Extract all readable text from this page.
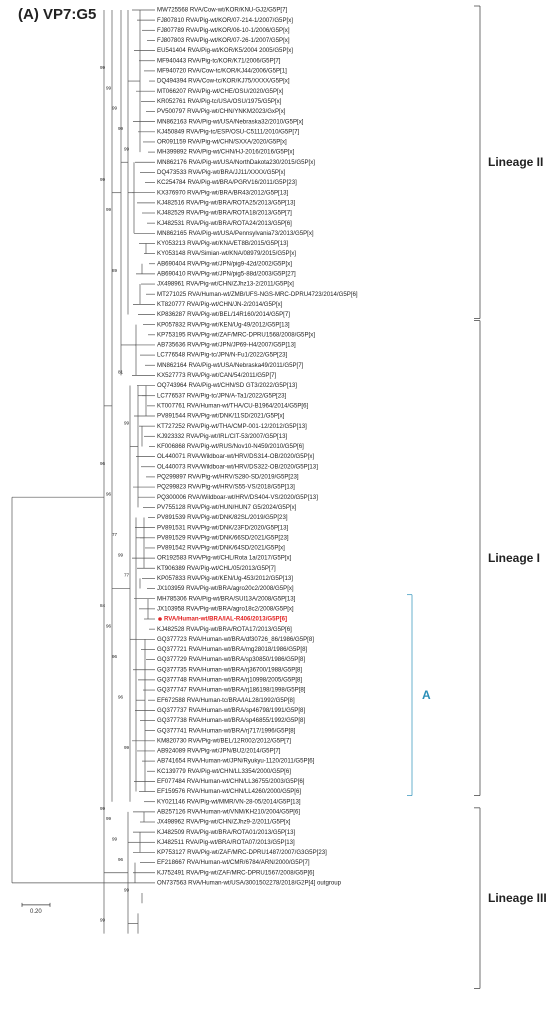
(A) VP7:G5	MW725568 RVA/Cow-wt/KOR/KNU-GJ2/G5P[7]
FJ807810 RVA/Pig-wt/KOR/07-214-1/2007/G5P[x]
FJ807789 RVA/Pig-wt/KOR/06-10-1/2006/G5P[x]
FJ807803 RVA/Pig-wt/KOR/07-26-1/2007/G5P[x]
EU541404 RVA/Pig-wt/KOR/K5/2004 2005/G5P[x]
MF940443 RVA/Pig-tc/KOR/K71/2006/G5P[7]
MF940720 RVA/Cow-tc/KOR/KJ44/2006/G5P[1]
DQ494394 RVA/Cow-tc/KOR/KJ75/XXXX/G5P[x]
MT066207 RVA/Pig-wt/CHE/OSU/2020/G5P[x]
KR052761 RVA/Pig-tc/USA/OSU/1975/G5P[x]
PV500797 RVA/Pig-wt/CHN/YNKM2023/GxP[x]
MN862163 RVA/Pig-wt/USA/Nebraska32/2010/G5P[x]
KJ450849 RVA/Pig-tc/ESP/OSU-C5111/2010/G5P[7]
OR091159 RVA/Pig-wt/CHN/SXXA/2020/G5P[x]
MH399892 RVA/Pig-wt/CHN/HJ-2016/2016/G5P[x]
MN862176 RVA/Pig-wt/USA/NorthDakota230/2015/G5P[x]
DQ473533 RVA/Pig-wt/BRA/JJ11/XXXX/G5P[x]
KC254784 RVA/Pig-wt/BRA/PGRV16/2011/G5P[23]
KX376970 RVA/Pig-wt/BRA/BR43/2012/G5P[13]
KJ482516 RVA/Pig-wt/BRA/ROTA25/2013/G5P[13]
KJ482529 RVA/Pig-wt/BRA/ROTA18/2013/G5P[7]
KJ482531 RVA/Pig-wt/BRA/ROTA24/2013/G5P[6]
MN862165 RVA/Pig-wt/USA/Pennsylvania73/2013/G5P[x]
KY053213 RVA/Pig-wt/KNA/ET8B/2015/G5P[13]
KY053148 RVA/Simian-wt/KNA/08979/2015/G5P[x]
AB690404 RVA/Pig-wt/JPN/pig9-42d/2002/G5P[x]
AB690410 RVA/Pig-wt/JPN/pig5-88d/2003/G5P[27]
JX498961 RVA/Pig-wt/CHN/ZJhz13-2/2011/G5P[x]
MT271025 RVA/Human-wt/ZMB/UFS-NGS-MRC-DPRU4723/2014/G5P[6]
KT820777 RVA/Pig-wt/CHN/JN-2/2014/G5P[x]
KP836287 RVA/Pig-wt/BEL/14R160/2014/G5P[7]
KP057832 RVA/Pig-wt/KEN/Ug-49/2012/G5P[13]
KP753195 RVA/Pig-wt/ZAF/MRC-DPRU1568/2008/G5P[x]
AB735636 RVA/Pig-wt/JPN/JP69-H4/2007/G5P[13]
LC776548 RVA/Pig-tc/JPN/N-Fu1/2022/G5P[23]
MN862164 RVA/Pig-wt/USA/Nebraska49/2011/G5P[7]
KX527773 RVA/Pig-wt/CAN/54/2011/G5P[7]
OQ743964 RVA/Pig-wt/CHN/SD GT3/2022/G5P[13]
LC776537 RVA/Pig-tc/JPN/A-Ta1/2022/G5P[23]
KT007761 RVA/Human-wt/THA/CU-B1964/2014/G5P[6]
PV891544 RVA/Pig-wt/DNK/11SD/2021/G5P[x]
KT727252 RVA/Pig-wt/THA/CMP-001-12/2012/G5P[13]
KJ923332 RVA/Pig-wt/IRL/CIT-53/2007/G5P[13]
KF006868 RVA/Pig-wt/RUS/Nov10-N459/2010/G5P[6]
OL440071 RVA/Wildboar-wt/HRV/DS314-OB/2020/G5P[x]
OL440073 RVA/Wildboar-wt/HRV/DS322-OB/2020/G5P[13]
PQ299897 RVA/Pig-wt/HRV/S280-SD/2019/G5P[23]
PQ299823 RVA/Pig-wt/HRV/S55-VS/2018/G5P[13]
PQ300006 RVA/Wildboar-wt/HRV/DS404-VS/2020/G5P[13]
PV755128 RVA/Pig-wt/HUN/HUN7 G5/2024/G5P[x]
PV891539 RVA/Pig-wt/DNK/82SL/2019/G5P[23]
PV891531 RVA/Pig-wt/DNK/23FD/2020/G5P[13]
PV891529 RVA/Pig-wt/DNK/66SD/2021/G5P[23]
PV891542 RVA/Pig-wt/DNK/64SD/2021/G5P[x]
OR192583 RVA/Pig-wt/CHL/Rota 1a/2017/G5P[x]
KT906389 RVA/Pig-wt/CHL/05/2013/G5P[7]
KP057833 RVA/Pig-wt/KEN/Ug-453/2012/G5P[13]
JX103959 RVA/Pig-wt/BRA/agro20c2/2008/G5P[x]
MH785306 RVA/Pig-wt/BRA/SUI13A/2008/G5P[13]
JX103958 RVA/Pig-wt/BRA/agro18c2/2008/G5P[x]
RVA/Human-wt/BRA/IAL-R406/2013/G5P[6]
KJ482528 RVA/Pig-wt/BRA/ROTA17/2013/G5P[6]
GQ377723 RVA/Human-wt/BRA/df30726_86/1986/G5P[8]
GQ377721 RVA/Human-wt/BRA/mg28018/1986/G5P[8]
GQ377729 RVA/Human-wt/BRA/sp30850/1986/G5P[8]
GQ377735 RVA/Human-wt/BRA/rj36700/1988/G5P[8]
GQ377748 RVA/Human-wt/BRA/rj10998/2005/G5P[8]
GQ377747 RVA/Human-wt/BRA/rj186198/1998/G5P[8]
EF672588 RVA/Human-tc/BRA/IAL28/1992/G5P[8]
GQ377737 RVA/Human-wt/BRA/sp46798/1991/G5P[8]
GQ377738 RVA/Human-wt/BRA/sp46855/1992/G5P[8]
GQ377741 RVA/Human-wt/BRA/rj717/1996/G5P[8]
KM820730 RVA/Pig-wt/BEL/12R002/2012/G5P[7]
AB924089 RVA/Pig-wt/JPN/BU2/2014/G5P[7]
AB741654 RVA/Human-wt/JPN/Ryukyu-1120/2011/G5P[6]
KC139779 RVA/Pig-wt/CHN/LL3354/2000/G5P[6]
EF077484 RVA/Human-wt/CHN/LL36755/2003/G5P[6]
EF159576 RVA/Human-wt/CHN/LL4260/2000/G5P[6]
KY021146 RVA/Pig-wt/MMR/VN-28-05/2014/G5P[13]
AB257126 RVA/Human-wt/VNM/KH210/2004/G5P[6]
JX498962 RVA/Pig-wt/CHN/ZJhz9-2/2011/G5P[x]
KJ482509 RVA/Pig-wt/BRA/ROTA01/2013/G5P[13]
KJ482511 RVA/Pig-wt/BRA/ROTA07/2013/G5P[13]
KP753127 RVA/Pig-wt/ZAF/MRC-DPRU1487/2007/G3G5P[23]
EF218667 RVA/Human-wt/CMR/6784/ARN/2000/G5P[7]
KJ752491 RVA/Pig-wt/ZAF/MRC-DPRU1567/2008/G5P[6]
ON737563 RVA/Human-wt/USA/3001502278/2018/G2P[4] outgroup
99
99
99
99
99
99
99
89
81
99
96
96
77
99
77
84
96
96
96
99
99
99
99
96
99
99
0.20
Lineage II
Lineage I
Lineage III
A
